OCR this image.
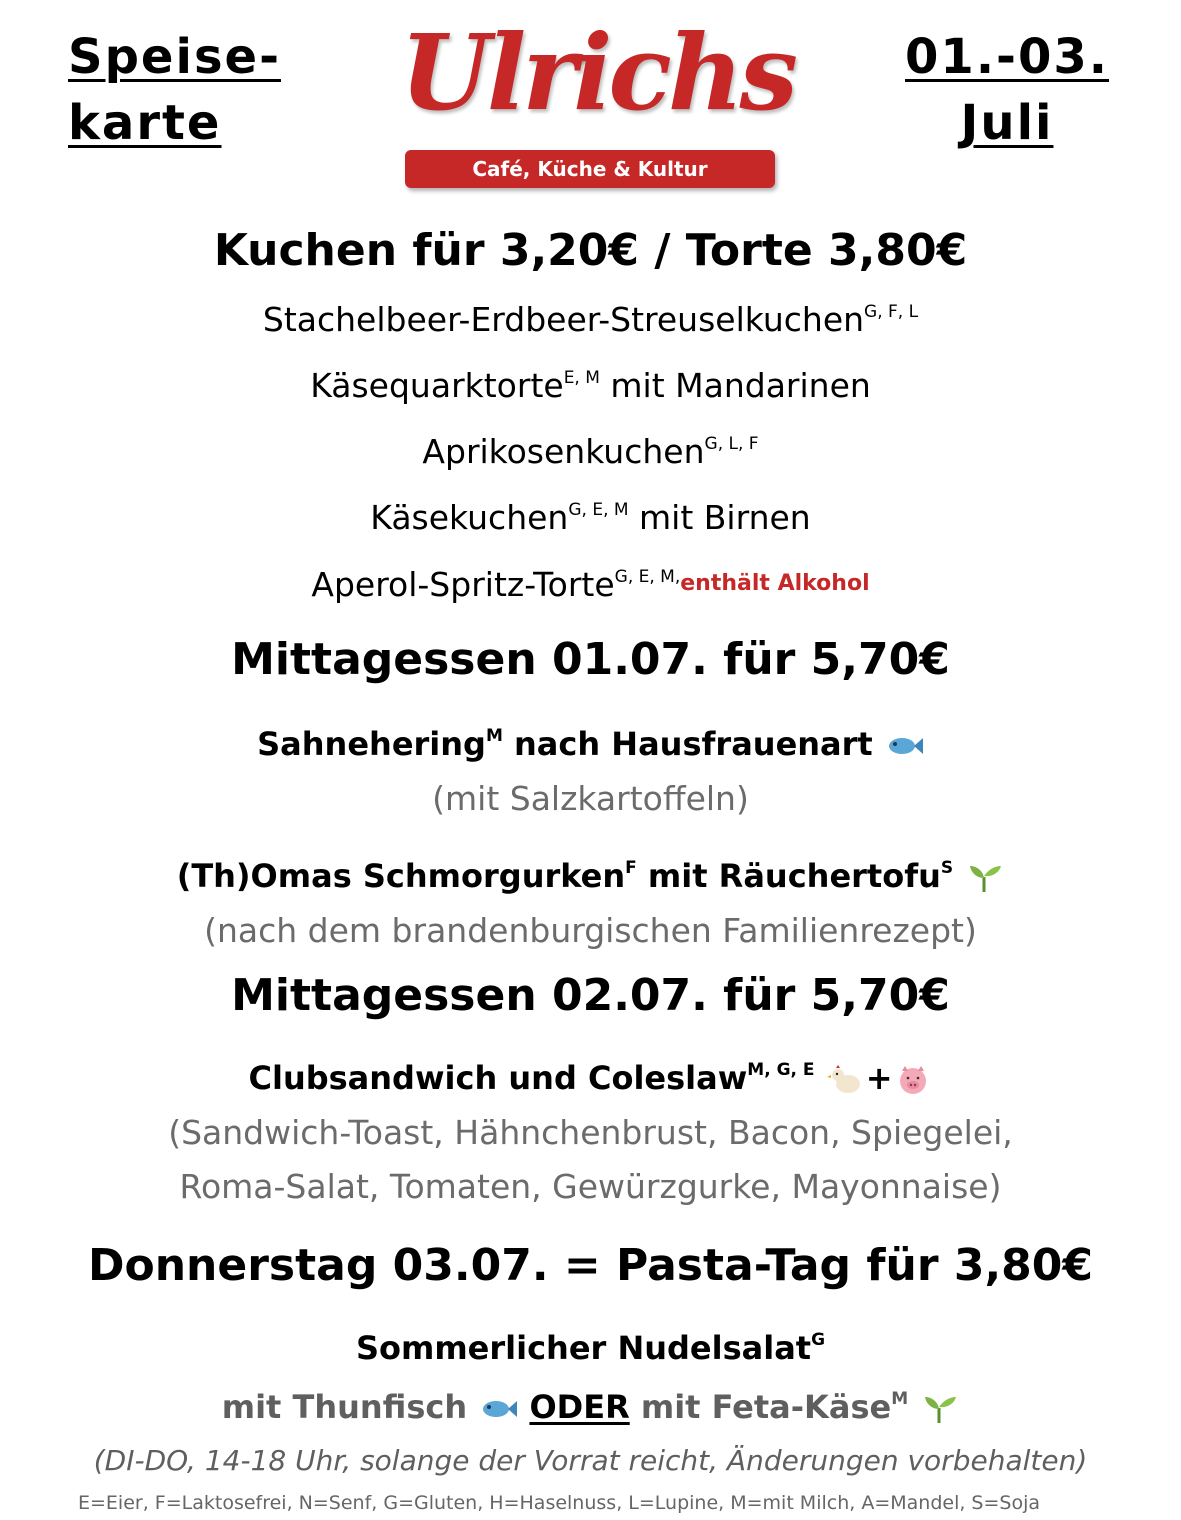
Speise-
karte	Ulrichs
Café, Küche & Kultur
01.-03.
Juli
Kuchen für 3,20€ / Torte 3,80€
Stachelbeer-Erdbeer-Streuselkuchen$^{G, F, L}$
Käsequarktorte$^{E, M}$ mit Mandarinen
Aprikosenkuchen$^{G, L, F}$
Käsekuchen$^{G, E, M}$ mit Birnen
Aperol-Spritz-Torte$^{G, E, M,}$enthält Alkohol
Mittagessen 01.07. für 5,70€
Sahnehering$^M$ nach Hausfrauenart
(mit Salzkartoffeln)
(Th)Omas Schmorgurken$^F$ mit Räuchertofu$^S$
(nach dem brandenburgischen Familienrezept)
Mittagessen 02.07. für 5,70€
Clubsandwich und Coleslaw$^{M, G, E}$ +
(Sandwich-Toast, Hähnchenbrust, Bacon, Spiegelei,
Roma-Salat, Tomaten, Gewürzgurke, Mayonnaise)
Donnerstag 03.07. = Pasta-Tag für 3,80€
Sommerlicher Nudelsalat$^G$
mit Thunfisch ODER mit Feta-Käse$^M$
(DI-DO, 14-18 Uhr, solange der Vorrat reicht, Änderungen vorbehalten)
E=Eier, F=Laktosefrei, N=Senf, G=Gluten, H=Haselnuss, L=Lupine, M=mit Milch, A=Mandel, S=Soja
